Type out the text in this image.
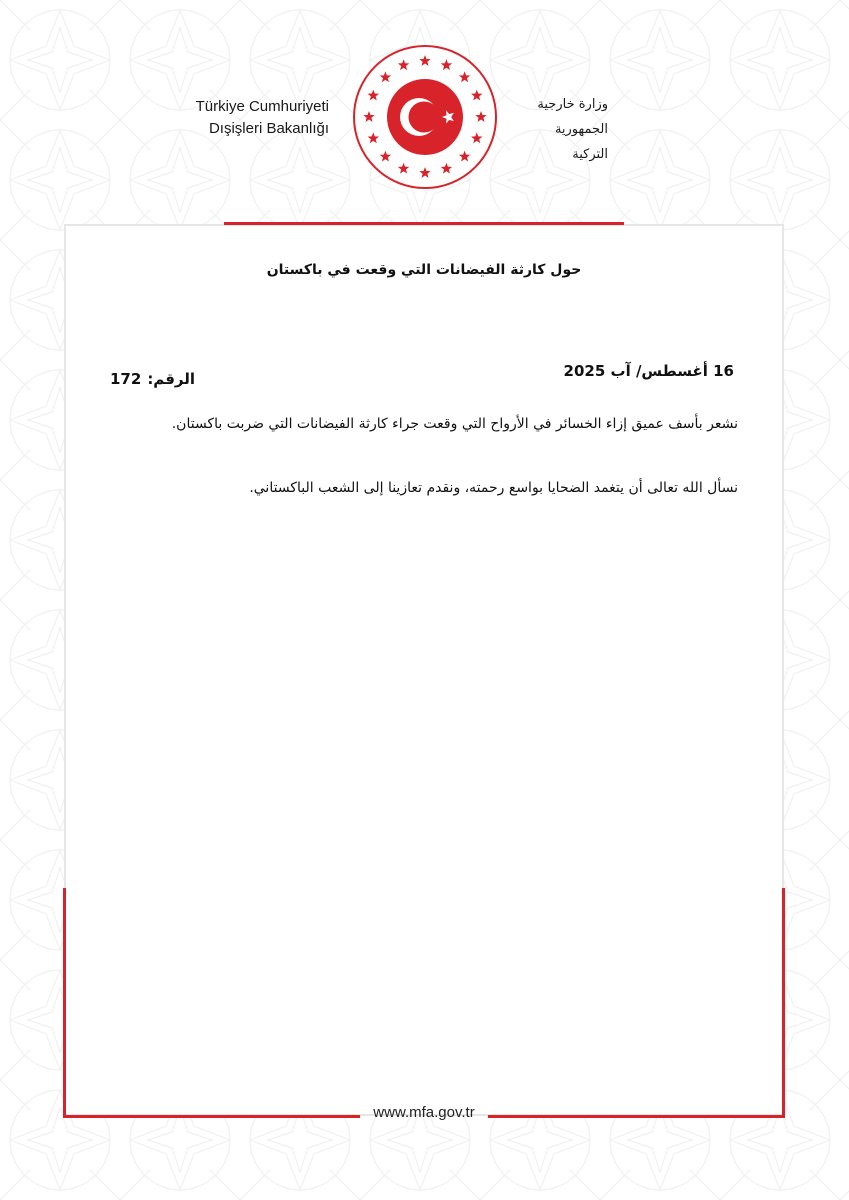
Türkiye Cumhuriyeti
Dışişleri Bakanlığı
وزارة خارجية
الجمهورية التركية
حول كارثة الفيضانات التي وقعت في باكستان
16 أغسطس/ آب 2025
172 الرقم:
نشعر بأسف عميق إزاء الخسائر في الأرواح التي وقعت جراء كارثة الفيضانات التي ضربت باكستان.
نسأل الله تعالى أن يتغمد الضحايا بواسع رحمته، ونقدم تعازينا إلى الشعب الباكستاني.
www.mfa.gov.tr
